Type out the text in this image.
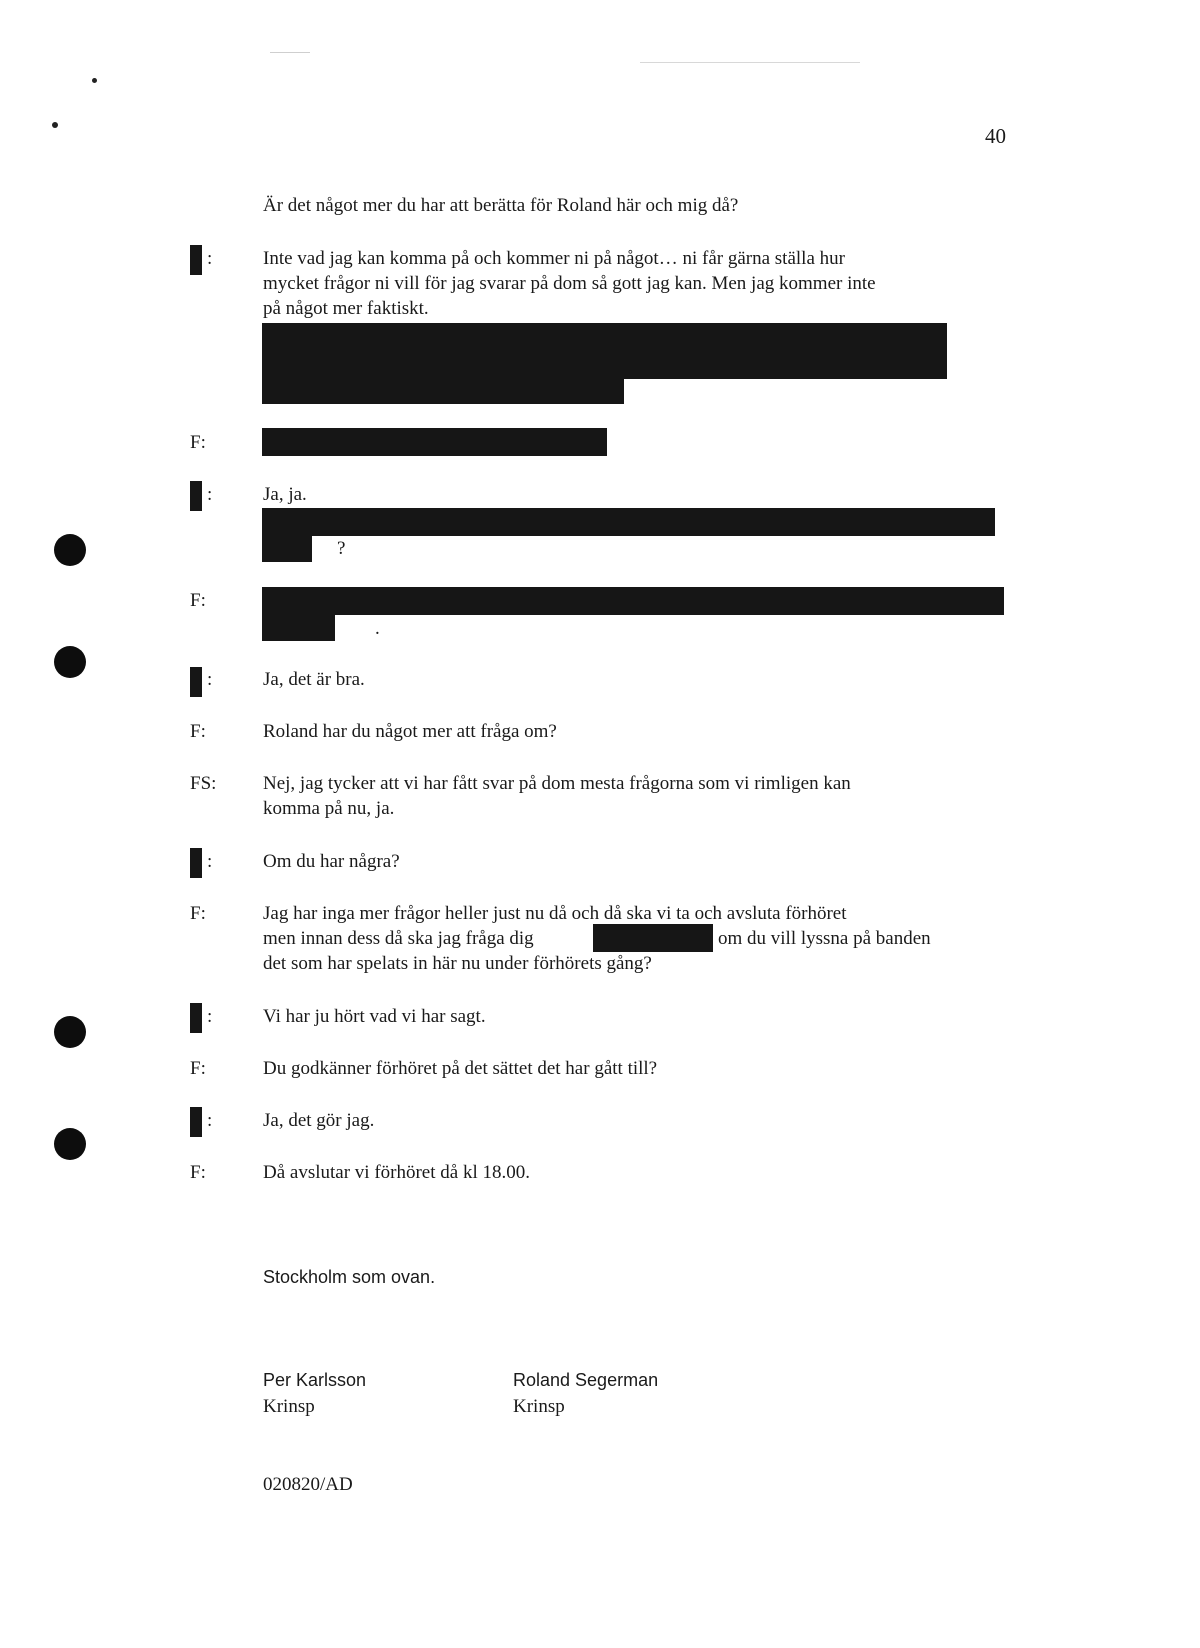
40
Är det något mer du har att berätta för Roland här och mig då?
:	Inte vad jag kan komma på och kommer ni på något… ni får gärna ställa hur
mycket frågor ni vill för jag svarar på dom så gott jag kan. Men jag kommer inte
på något mer faktiskt.
F:
:	Ja, ja.
?
F:
.
:	Ja, det är bra.
F:	Roland har du något mer att fråga om?
FS: Nej, jag tycker att vi har fått svar på dom mesta frågorna som vi rimligen kan
komma på nu, ja.
:	Om du har några?
F:	Jag har inga mer frågor heller just nu då och då ska vi ta och avsluta förhöret
men innan dess då ska jag fråga dig	om du vill lyssna på banden
det som har spelats in här nu under förhörets gång?
:	Vi har ju hört vad vi har sagt.
F:	Du godkänner förhöret på det sättet det har gått till?
:	Ja, det gör jag.
F:	Då avslutar vi förhöret då kl 18.00.
Stockholm som ovan.
Per Karlsson
Krinsp
Roland Segerman
Krinsp
020820/AD
